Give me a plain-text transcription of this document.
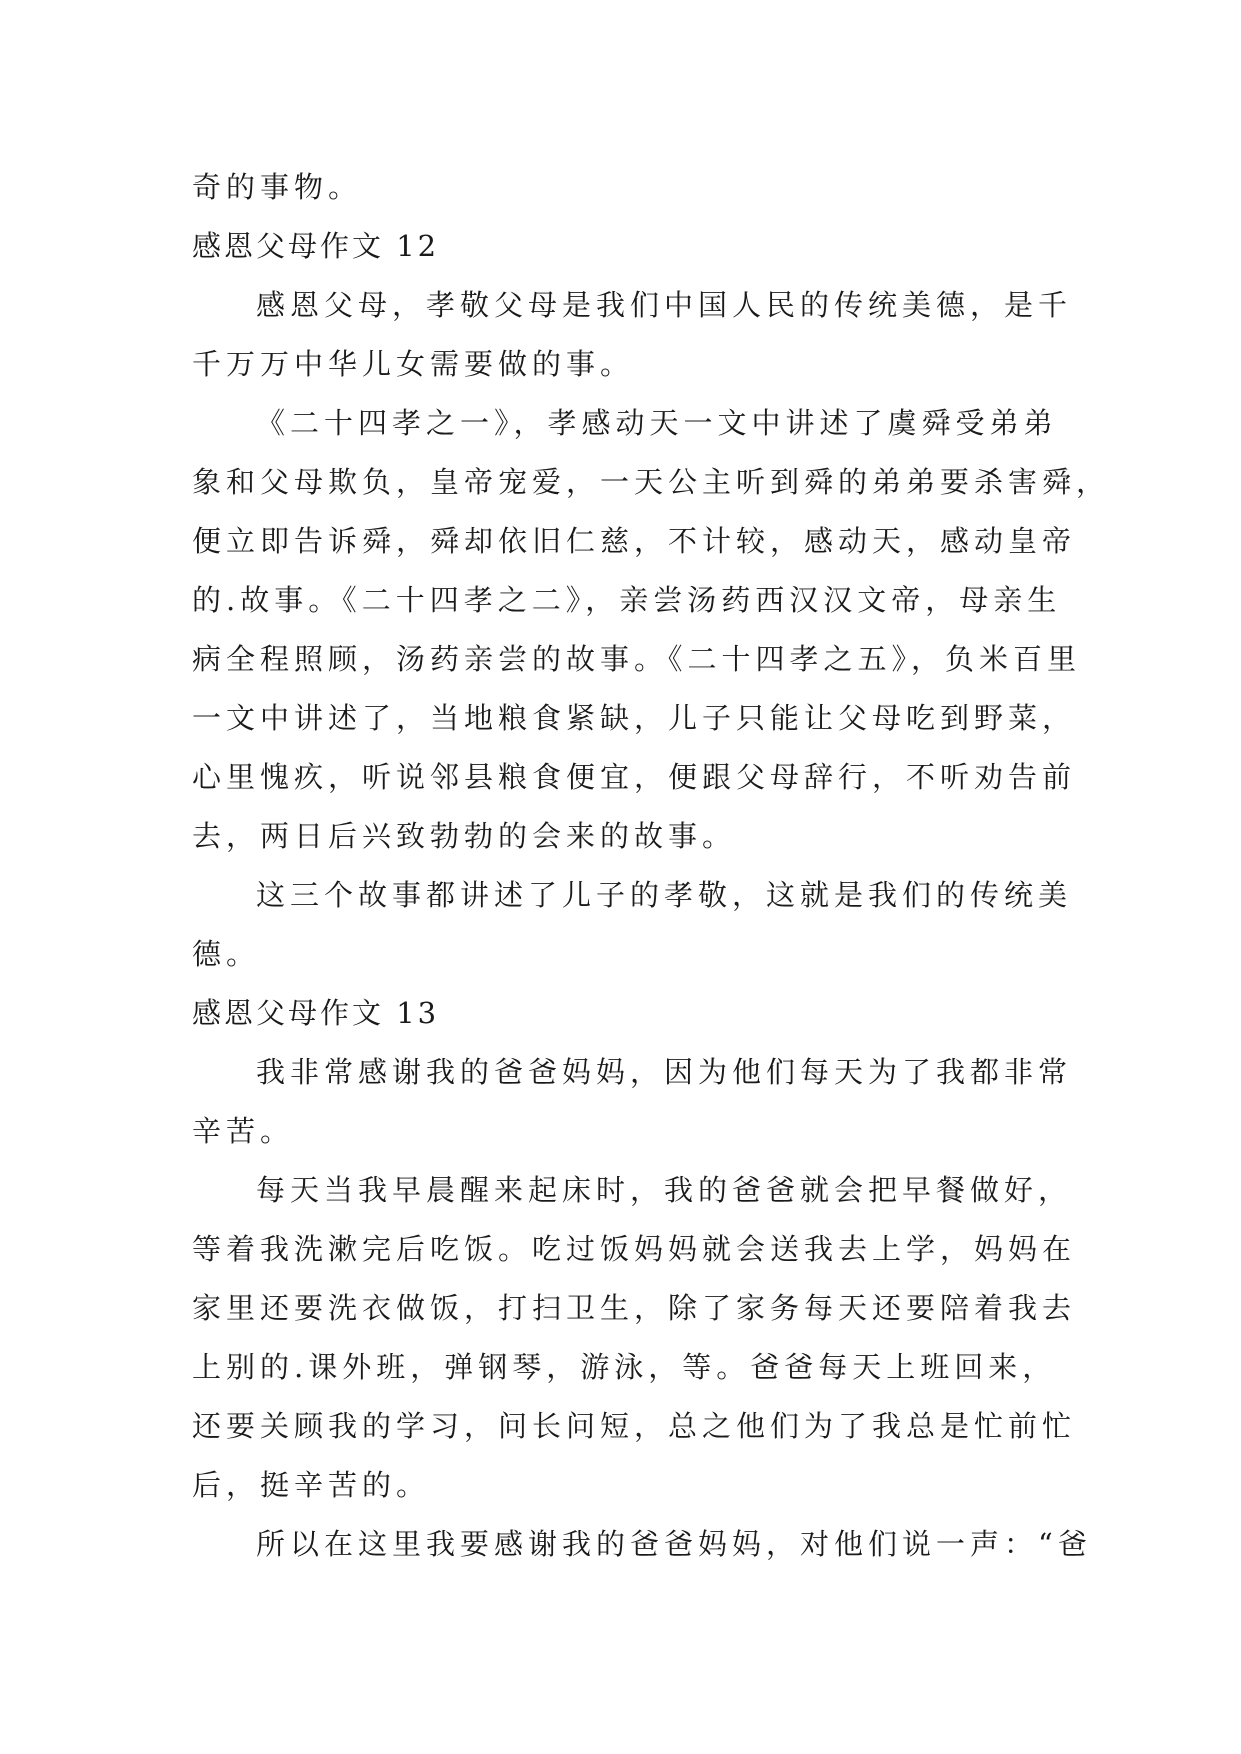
奇的事物。
感恩父母作文 12
感恩父母，孝敬父母是我们中国人民的传统美德，是千
千万万中华儿女需要做的事。
《二十四孝之一》，孝感动天一文中讲述了虞舜受弟弟
象和父母欺负，皇帝宠爱，一天公主听到舜的弟弟要杀害舜，
便立即告诉舜，舜却依旧仁慈，不计较，感动天，感动皇帝
的.故事。《二十四孝之二》，亲尝汤药西汉汉文帝，母亲生
病全程照顾，汤药亲尝的故事。《二十四孝之五》，负米百里
一文中讲述了，当地粮食紧缺，儿子只能让父母吃到野菜，
心里愧疚，听说邻县粮食便宜，便跟父母辞行，不听劝告前
去，两日后兴致勃勃的会来的故事。
这三个故事都讲述了儿子的孝敬，这就是我们的传统美
德。
感恩父母作文 13
我非常感谢我的爸爸妈妈，因为他们每天为了我都非常
辛苦。
每天当我早晨醒来起床时，我的爸爸就会把早餐做好，
等着我洗漱完后吃饭。吃过饭妈妈就会送我去上学，妈妈在
家里还要洗衣做饭，打扫卫生，除了家务每天还要陪着我去
上别的.课外班，弹钢琴，游泳，等。爸爸每天上班回来，
还要关顾我的学习，问长问短，总之他们为了我总是忙前忙
后，挺辛苦的。
所以在这里我要感谢我的爸爸妈妈，对他们说一声：“爸
